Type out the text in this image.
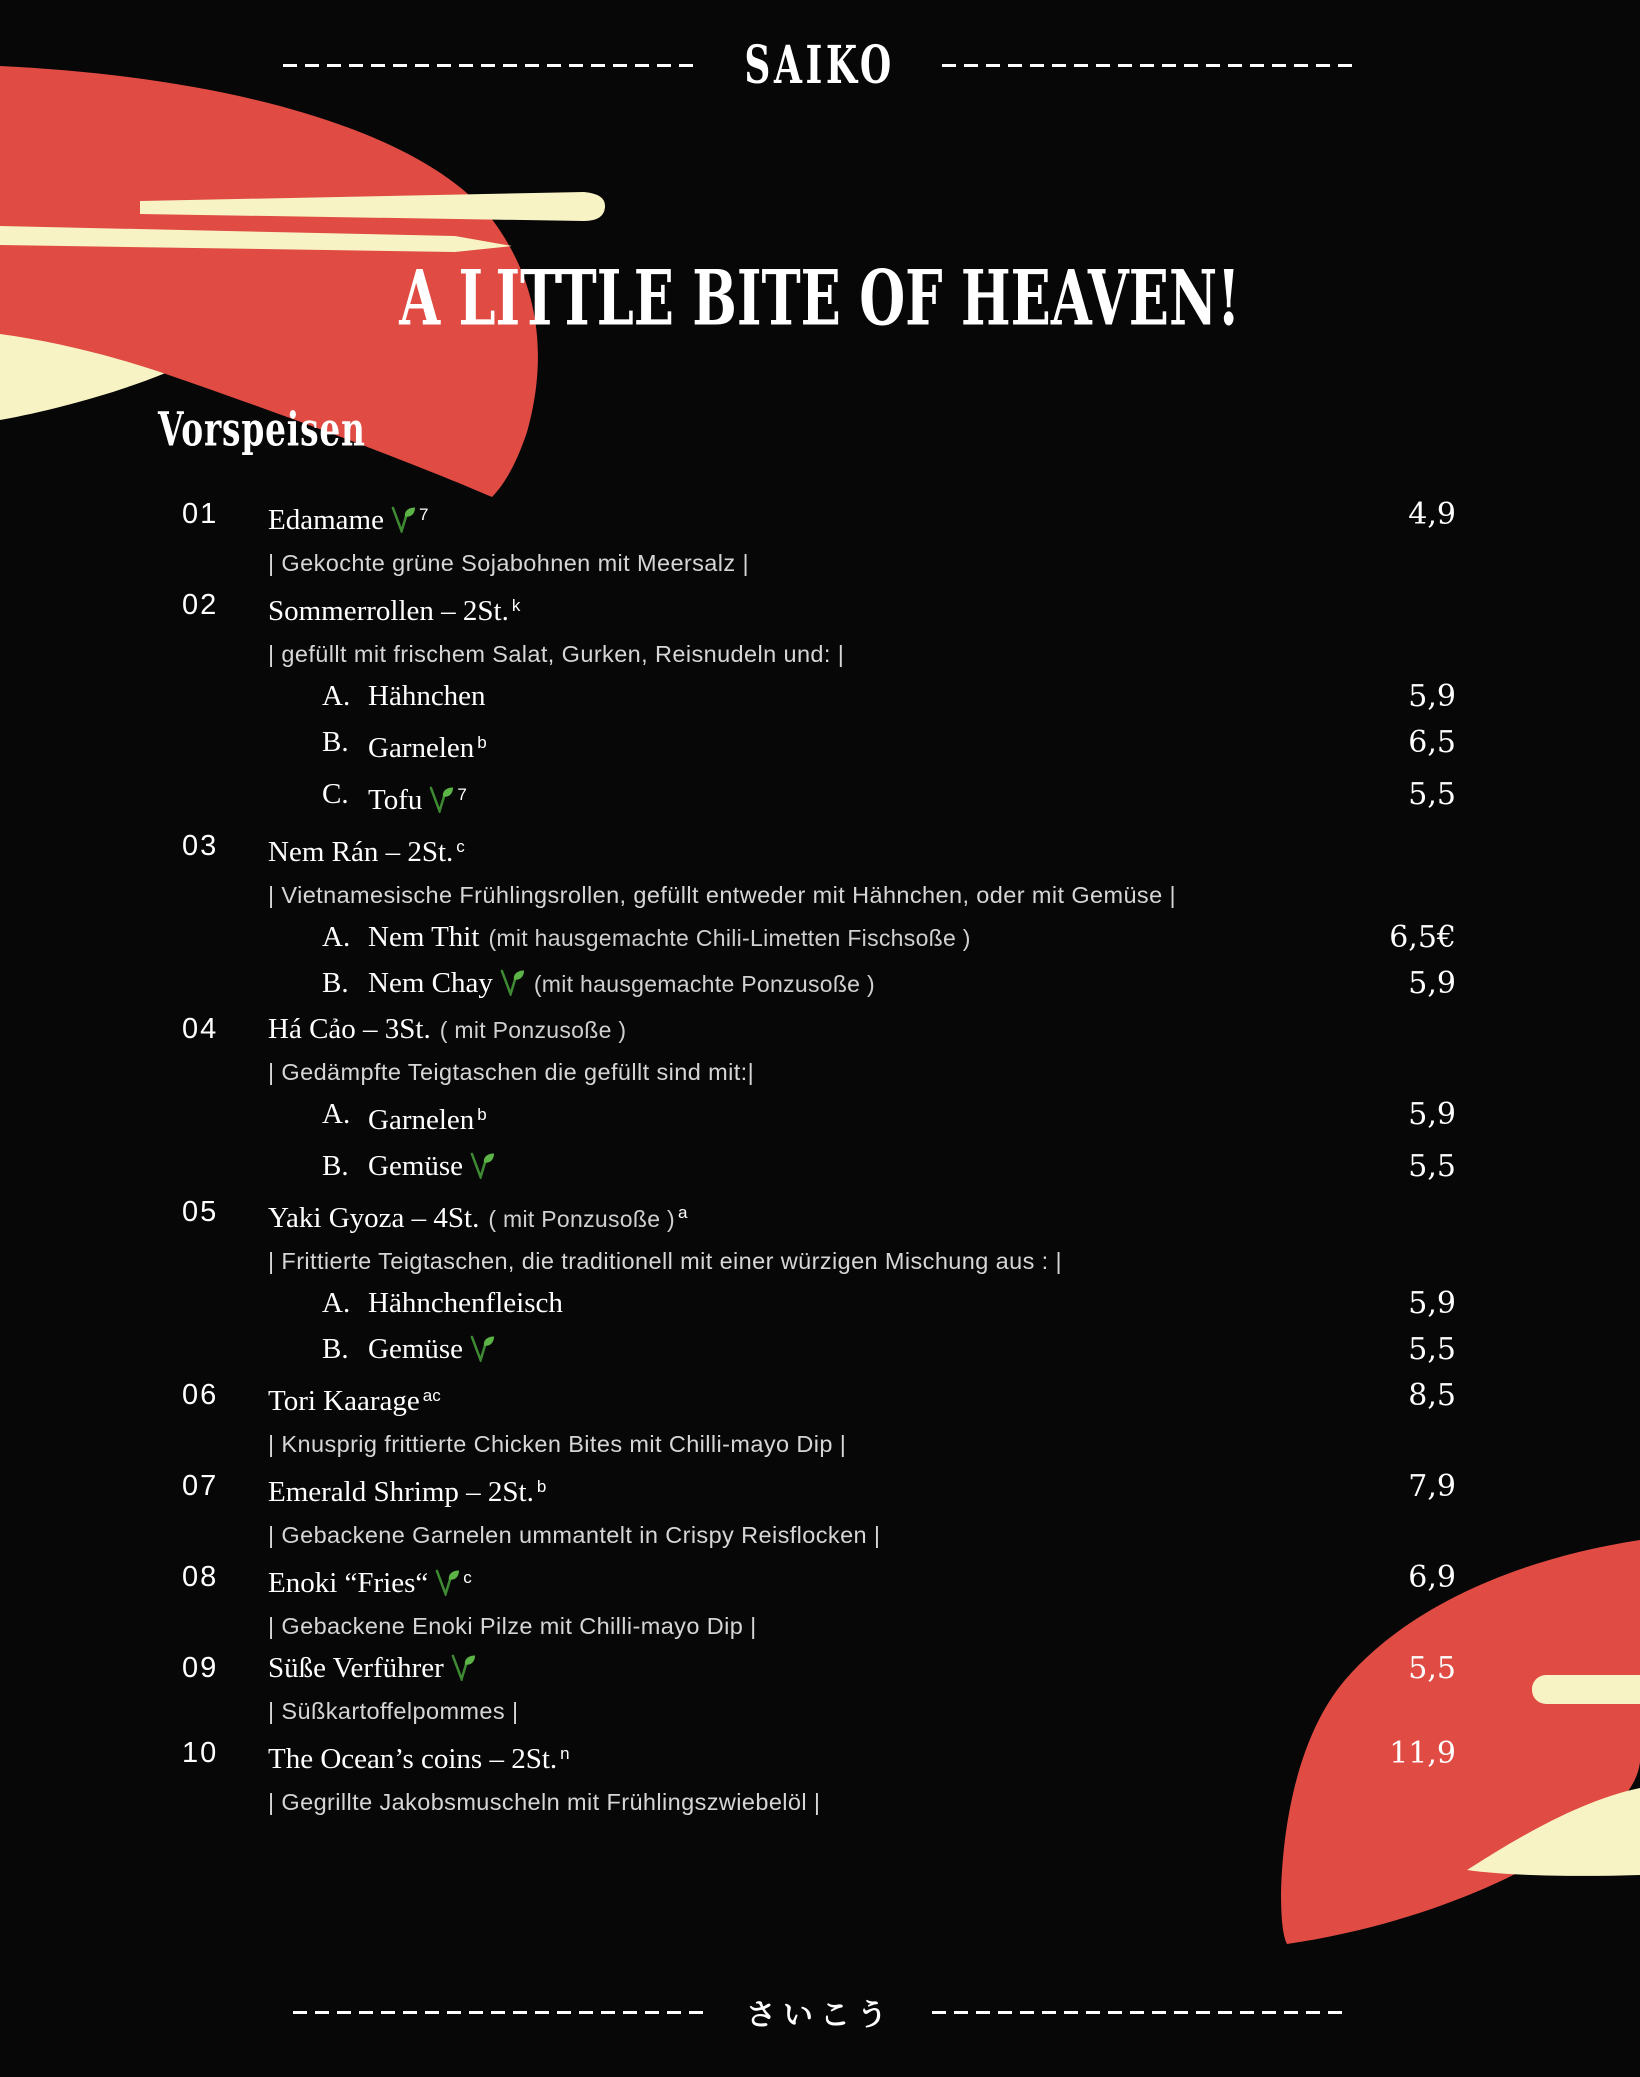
SAIKO
A LITTLE BITE OF HEAVEN!
Vorspeisen
01	Edamame $^7$	4,9
| Gekochte grüne Sojabohnen mit Meersalz |
02	Sommerrollen – 2St. $^k$
| gefüllt mit frischem Salat, Gurken, Reisnudeln und: |
A. Hähnchen	5,9
B. Garnelen $^b$	6,5
C. Tofu $^7$	5,5
03	Nem Rán – 2St. $^c$
| Vietnamesische Frühlingsrollen, gefüllt entweder mit Hähnchen, oder mit Gemüse |
A. Nem Thit (mit hausgemachte Chili-Limetten Fischsoße )	6,5€
B. Nem Chay (mit hausgemachte Ponzusoße )	5,9
04	Há Cảo – 3St. ( mit Ponzusoße )
| Gedämpfte Teigtaschen die gefüllt sind mit:|
A. Garnelen $^b$	5,9
B. Gemüse	5,5
05	Yaki Gyoza – 4St. ( mit Ponzusoße ) $^a$
| Frittierte Teigtaschen, die traditionell mit einer würzigen Mischung aus : |
A. Hähnchenfleisch	5,9
B. Gemüse	5,5
06	Tori Kaarage $^{ac}$	8,5
| Knusprig frittierte Chicken Bites mit Chilli-mayo Dip |
07	Emerald Shrimp – 2St. $^b$	7,9
| Gebackene Garnelen ummantelt in Crispy Reisflocken |
08	Enoki “Fries“ $^c$	6,9
| Gebackene Enoki Pilze mit Chilli-mayo Dip |
09	Süße Verführer	5,5
| Süßkartoffelpommes |
10	The Ocean’s coins – 2St. $^n$	11,9
| Gegrillte Jakobsmuscheln mit Frühlingszwiebelöl |
さいこう
